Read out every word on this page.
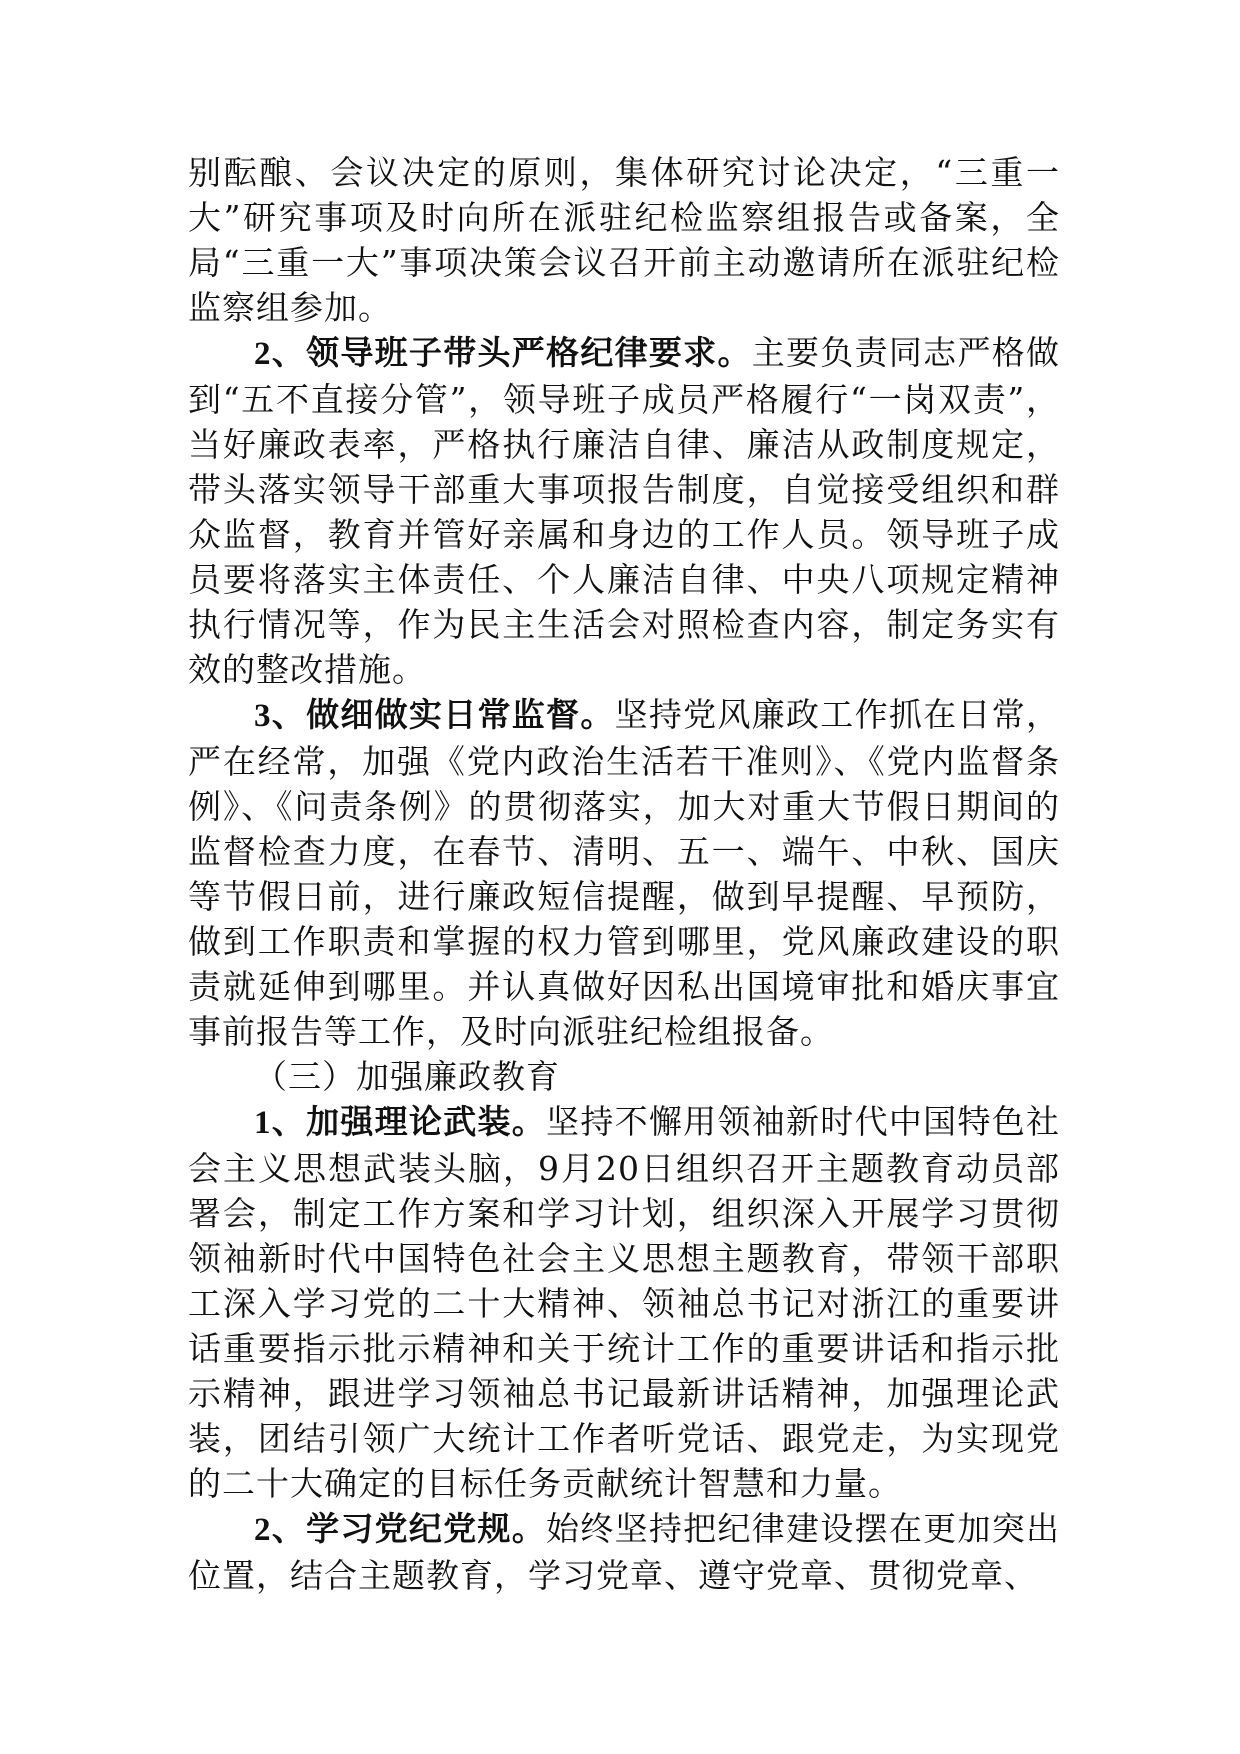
别酝酿、会议决定的原则，集体研究讨论决定，“三重一大”研究事项及时向所在派驻纪检监察组报告或备案，全局“三重一大”事项决策会议召开前主动邀请所在派驻纪检监察组参加。

2、领导班子带头严格纪律要求。主要负责同志严格做到“五不直接分管”，领导班子成员严格履行“一岗双责”，当好廉政表率，严格执行廉洁自律、廉洁从政制度规定，带头落实领导干部重大事项报告制度，自觉接受组织和群众监督，教育并管好亲属和身边的工作人员。领导班子成员要将落实主体责任、个人廉洁自律、中央八项规定精神执行情况等，作为民主生活会对照检查内容，制定务实有效的整改措施。

3、做细做实日常监督。坚持党风廉政工作抓在日常，严在经常，加强《党内政治生活若干准则》、《党内监督条例》、《问责条例》的贯彻落实，加大对重大节假日期间的监督检查力度，在春节、清明、五一、端午、中秋、国庆等节假日前，进行廉政短信提醒，做到早提醒、早预防，做到工作职责和掌握的权力管到哪里，党风廉政建设的职责就延伸到哪里。并认真做好因私出国境审批和婚庆事宜事前报告等工作，及时向派驻纪检组报备。

（三）加强廉政教育

1、加强理论武装。坚持不懈用领袖新时代中国特色社会主义思想武装头脑，9月20日组织召开主题教育动员部署会，制定工作方案和学习计划，组织深入开展学习贯彻领袖新时代中国特色社会主义思想主题教育，带领干部职工深入学习党的二十大精神、领袖总书记对浙江的重要讲话重要指示批示精神和关于统计工作的重要讲话和指示批示精神，跟进学习领袖总书记最新讲话精神，加强理论武装，团结引领广大统计工作者听党话、跟党走，为实现党的二十大确定的目标任务贡献统计智慧和力量。

2、学习党纪党规。始终坚持把纪律建设摆在更加突出位置，结合主题教育，学习党章、遵守党章、贯彻党章、
